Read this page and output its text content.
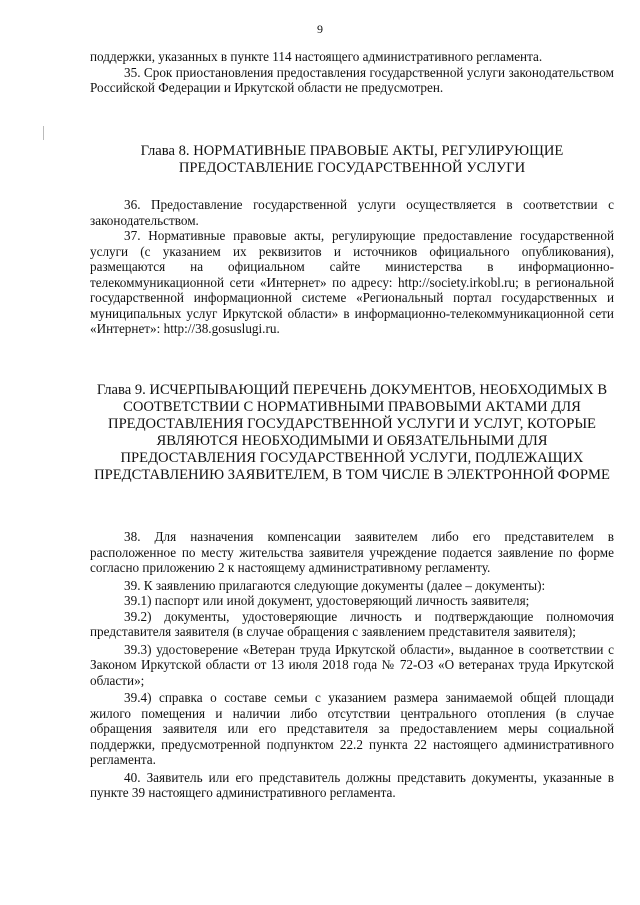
9

поддержки, указанных в пункте 114 настоящего административного регламента.

35. Срок приостановления предоставления государственной услуги законодательством Российской Федерации и Иркутской области не предусмотрен.

Глава 8. НОРМАТИВНЫЕ ПРАВОВЫЕ АКТЫ, РЕГУЛИРУЮЩИЕ ПРЕДОСТАВЛЕНИЕ ГОСУДАРСТВЕННОЙ УСЛУГИ

36. Предоставление государственной услуги осуществляется в соответствии с законодательством.

37. Нормативные правовые акты, регулирующие предоставление государственной услуги (с указанием их реквизитов и источников официального опубликования), размещаются на официальном сайте министерства в информационно-телекоммуникационной сети «Интернет» по адресу: http://society.irkobl.ru; в региональной государственной информационной системе «Региональный портал государственных и муниципальных услуг Иркутской области» в информационно-телекоммуникационной сети «Интернет»: http://38.gosuslugi.ru.

Глава 9. ИСЧЕРПЫВАЮЩИЙ ПЕРЕЧЕНЬ ДОКУМЕНТОВ, НЕОБХОДИМЫХ В СООТВЕТСТВИИ С НОРМАТИВНЫМИ ПРАВОВЫМИ АКТАМИ ДЛЯ ПРЕДОСТАВЛЕНИЯ ГОСУДАРСТВЕННОЙ УСЛУГИ И УСЛУГ, КОТОРЫЕ ЯВЛЯЮТСЯ НЕОБХОДИМЫМИ И ОБЯЗАТЕЛЬНЫМИ ДЛЯ ПРЕДОСТАВЛЕНИЯ ГОСУДАРСТВЕННОЙ УСЛУГИ, ПОДЛЕЖАЩИХ ПРЕДСТАВЛЕНИЮ ЗАЯВИТЕЛЕМ, В ТОМ ЧИСЛЕ В ЭЛЕКТРОННОЙ ФОРМЕ

38. Для назначения компенсации заявителем либо его представителем в расположенное по месту жительства заявителя учреждение подается заявление по форме согласно приложению 2 к настоящему административному регламенту.

39. К заявлению прилагаются следующие документы (далее – документы):

39.1) паспорт или иной документ, удостоверяющий личность заявителя;

39.2) документы, удостоверяющие личность и подтверждающие полномочия представителя заявителя (в случае обращения с заявлением представителя заявителя);

39.3) удостоверение «Ветеран труда Иркутской области», выданное в соответствии с Законом Иркутской области от 13 июля 2018 года № 72-ОЗ «О ветеранах труда Иркутской области»;

39.4) справка о составе семьи с указанием размера занимаемой общей площади жилого помещения и наличии либо отсутствии центрального отопления (в случае обращения заявителя или его представителя за предоставлением меры социальной поддержки, предусмотренной подпунктом 22.2 пункта 22 настоящего административного регламента.

40. Заявитель или его представитель должны представить документы, указанные в пункте 39 настоящего административного регламента.
